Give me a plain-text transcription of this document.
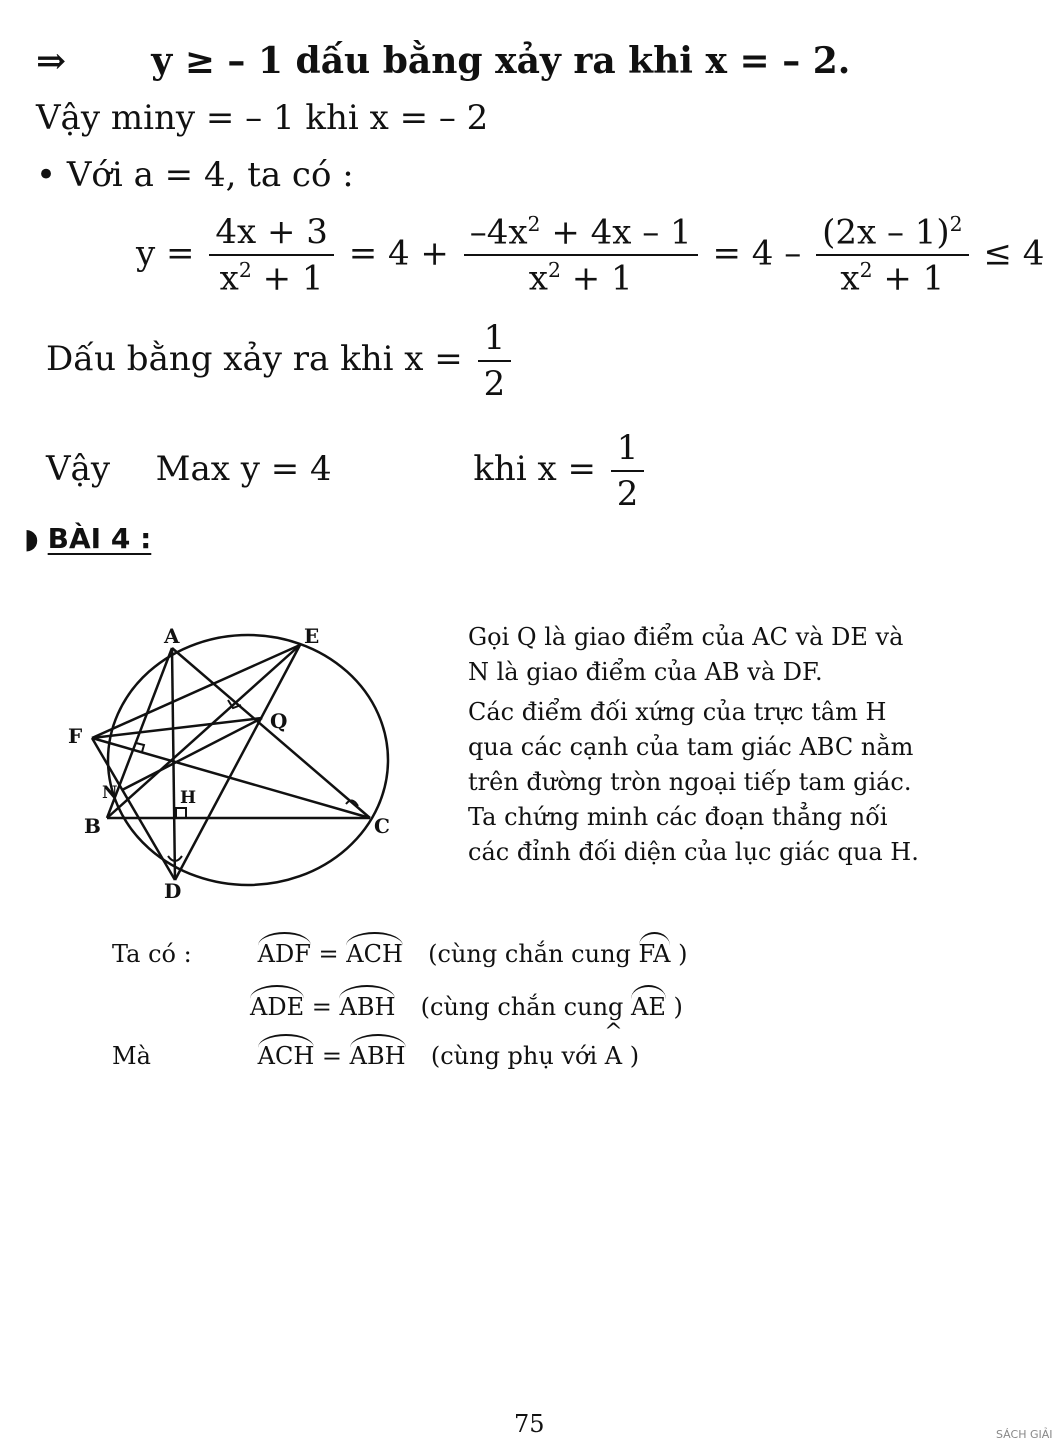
⇒ y ≥ – 1 dấu bằng xảy ra khi x = – 2.
Vậy miny = – 1 khi x = – 2
• Với a = 4, ta có :
$y = \frac{4x + 3}{x^2 + 1} = 4 + \frac{-4x^2 + 4x - 1}{x^2 + 1} = 4 - \frac{(2x - 1)^2}{x^2 + 1} \le 4$
Dấu bằng xảy ra khi $x = \frac{1}{2}$
Vậy Max y = 4	khi $x = \frac{1}{2}$
◗ BÀI 4 :
A	E
F
Q
N	H
B	C
D
Gọi Q là giao điểm của AC và DE và
N là giao điểm của AB và DF.
Các điểm đối xứng của trực tâm H
qua các cạnh của tam giác ABC nằm
trên đường tròn ngoại tiếp tam giác.
Ta chứng minh các đoạn thẳng nối
các đỉnh đối diện của lục giác qua H.
Ta có :	ADF = ACH (cùng chắn cung FA )
ADE = ABH (cùng chắn cung AE )
Mà	ACH = ABH (cùng phụ với ^ A )
75	SÁCH GIẢI
